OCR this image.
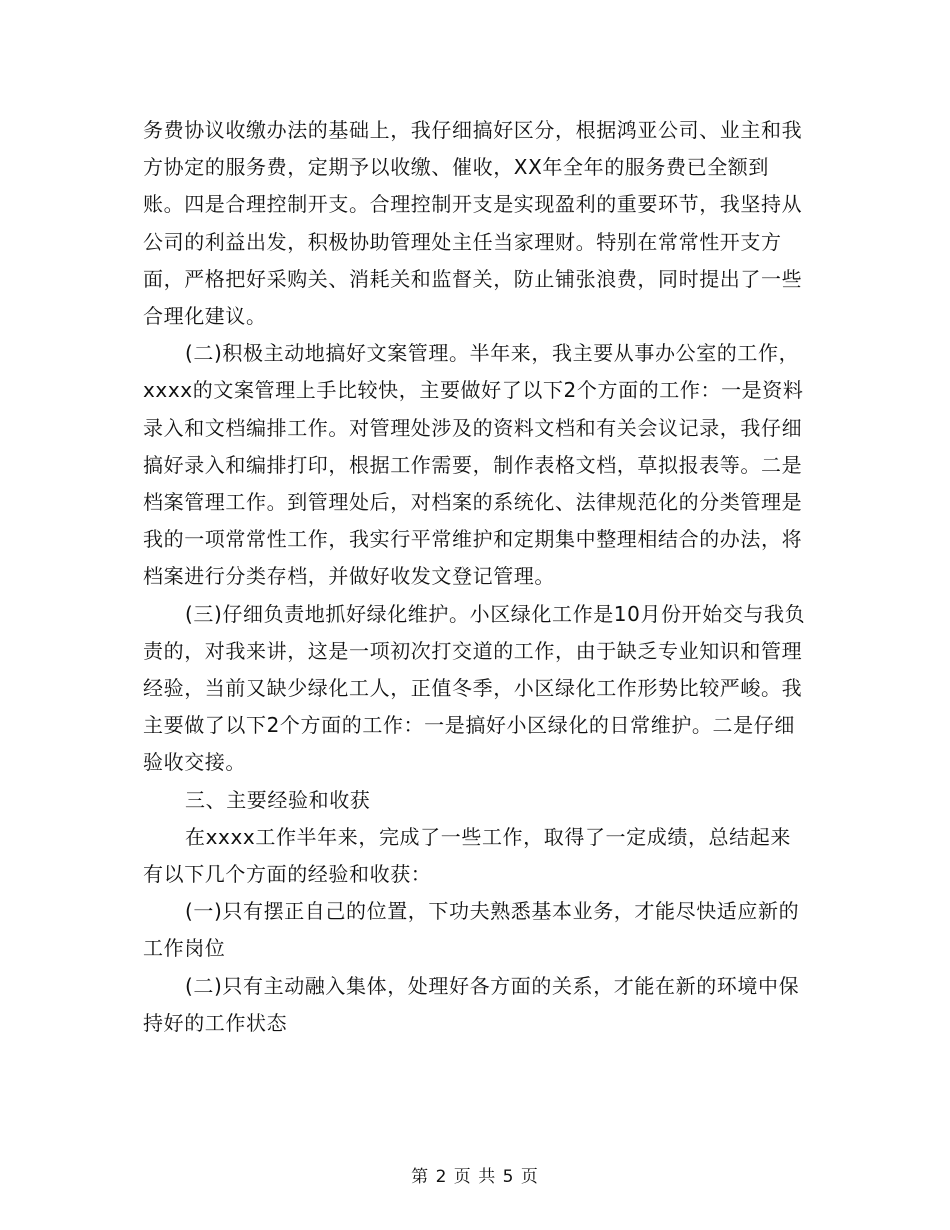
务费协议收缴办法的基础上，我仔细搞好区分，根据鸿亚公司、业主和我方协定的服务费，定期予以收缴、催收，XX年全年的服务费已全额到账。四是合理控制开支。合理控制开支是实现盈利的重要环节，我坚持从公司的利益出发，积极协助管理处主任当家理财。特别在常常性开支方面，严格把好采购关、消耗关和监督关，防止铺张浪费，同时提出了一些合理化建议。

(二)积极主动地搞好文案管理。半年来，我主要从事办公室的工作，xxxx的文案管理上手比较快，主要做好了以下2个方面的工作：一是资料录入和文档编排工作。对管理处涉及的资料文档和有关会议记录，我仔细搞好录入和编排打印，根据工作需要，制作表格文档，草拟报表等。二是档案管理工作。到管理处后，对档案的系统化、法律规范化的分类管理是我的一项常常性工作，我实行平常维护和定期集中整理相结合的办法，将档案进行分类存档，并做好收发文登记管理。

(三)仔细负责地抓好绿化维护。小区绿化工作是10月份开始交与我负责的，对我来讲，这是一项初次打交道的工作，由于缺乏专业知识和管理经验，当前又缺少绿化工人，正值冬季，小区绿化工作形势比较严峻。我主要做了以下2个方面的工作：一是搞好小区绿化的日常维护。二是仔细验收交接。

三、主要经验和收获

在xxxx工作半年来，完成了一些工作，取得了一定成绩，总结起来有以下几个方面的经验和收获：

(一)只有摆正自己的位置，下功夫熟悉基本业务，才能尽快适应新的工作岗位

(二)只有主动融入集体，处理好各方面的关系，才能在新的环境中保持好的工作状态

第 2 页 共 5 页
